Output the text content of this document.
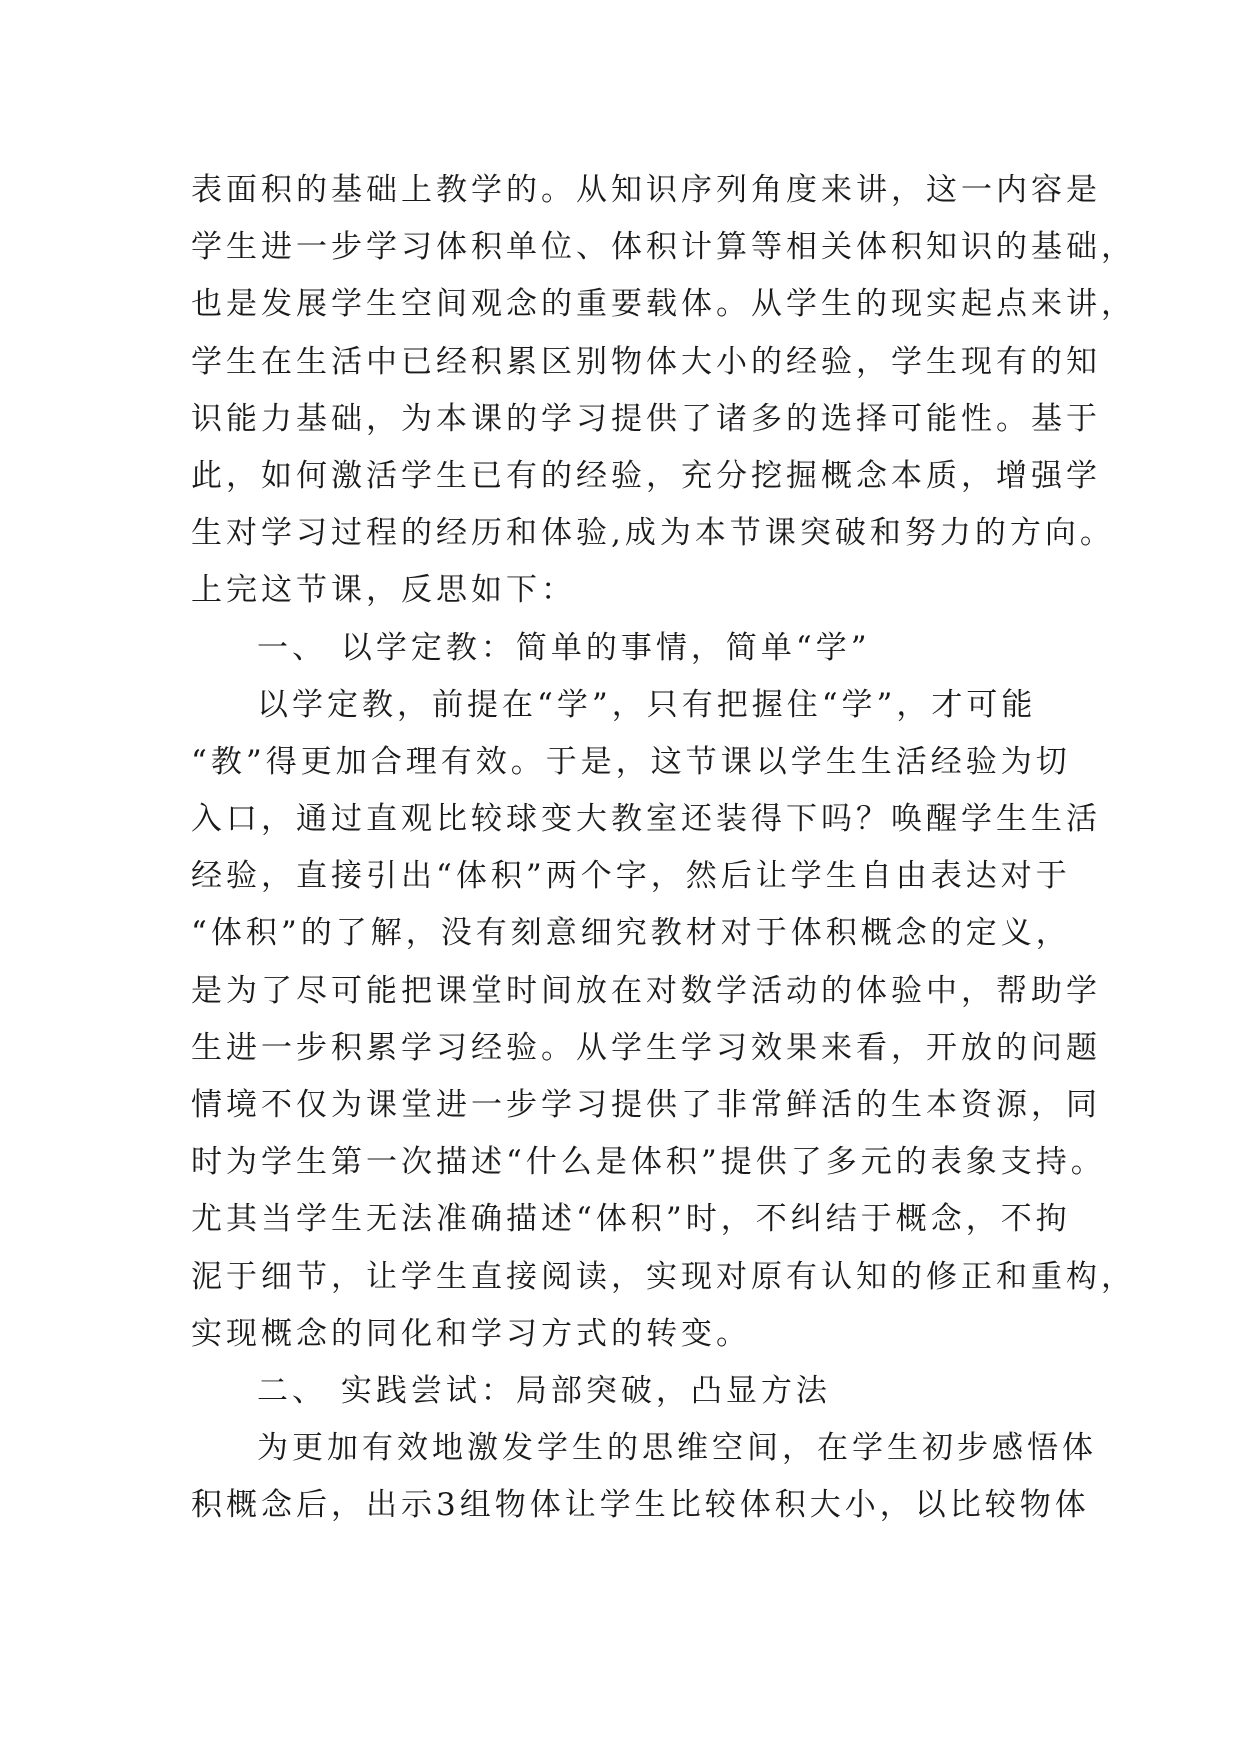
表面积的基础上教学的。从知识序列角度来讲，这一内容是
学生进一步学习体积单位、体积计算等相关体积知识的基础，
也是发展学生空间观念的重要载体。从学生的现实起点来讲，
学生在生活中已经积累区别物体大小的经验，学生现有的知
识能力基础，为本课的学习提供了诸多的选择可能性。基于
此，如何激活学生已有的经验，充分挖掘概念本质，增强学
生对学习过程的经历和体验,成为本节课突破和努力的方向。
上完这节课，反思如下：
一、 以学定教：简单的事情，简单“学”
以学定教，前提在“学”，只有把握住“学”，才可能
“教”得更加合理有效。于是，这节课以学生生活经验为切
入口，通过直观比较球变大教室还装得下吗？唤醒学生生活
经验，直接引出“体积”两个字，然后让学生自由表达对于
“体积”的了解，没有刻意细究教材对于体积概念的定义，
是为了尽可能把课堂时间放在对数学活动的体验中，帮助学
生进一步积累学习经验。从学生学习效果来看，开放的问题
情境不仅为课堂进一步学习提供了非常鲜活的生本资源，同
时为学生第一次描述“什么是体积”提供了多元的表象支持。
尤其当学生无法准确描述“体积”时，不纠结于概念，不拘
泥于细节，让学生直接阅读，实现对原有认知的修正和重构，
实现概念的同化和学习方式的转变。
二、 实践尝试：局部突破，凸显方法
为更加有效地激发学生的思维空间，在学生初步感悟体
积概念后，出示3组物体让学生比较体积大小，以比较物体
